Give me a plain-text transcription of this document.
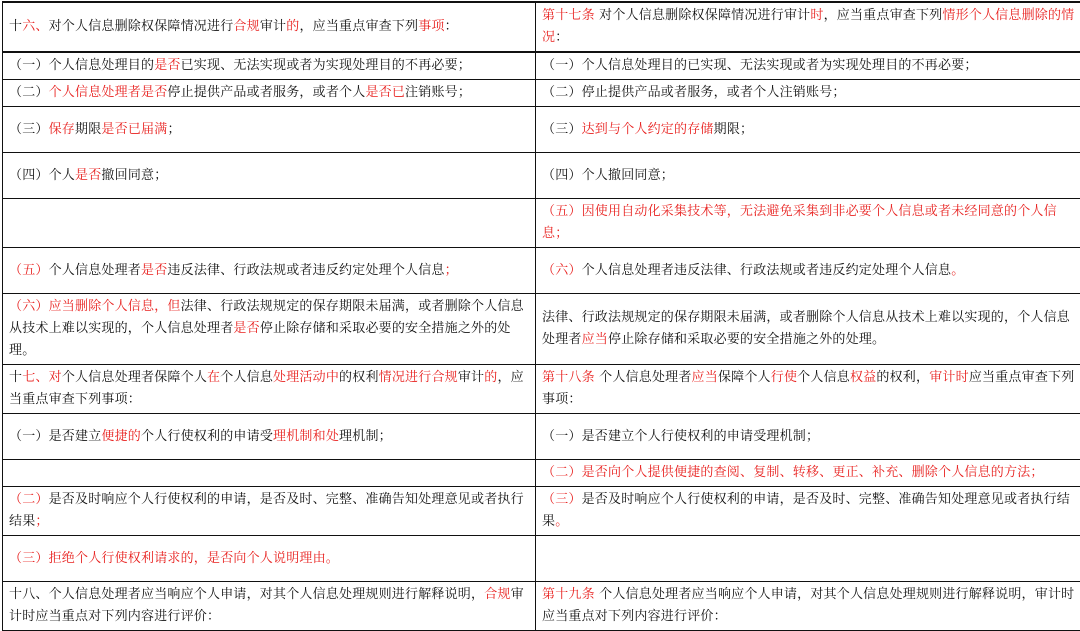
十六、对个人信息删除权保障情况进行合规审计的，应当重点审查下列事项：	第十七条 对个人信息删除权保障情况进行审计时，应当重点审查下列情形个人信息删除的情况：
（一）个人信息处理目的是否已实现、无法实现或者为实现处理目的不再必要；	（一）个人信息处理目的已实现、无法实现或者为实现处理目的不再必要；
（二）个人信息处理者是否停止提供产品或者服务，或者个人是否已注销账号；	（二）停止提供产品或者服务，或者个人注销账号；
（三）保存期限是否已届满；	（三）达到与个人约定的存储期限；
（四）个人是否撤回同意；	（四）个人撤回同意；
	（五）因使用自动化采集技术等，无法避免采集到非必要个人信息或者未经同意的个人信息；
（五）个人信息处理者是否违反法律、行政法规或者违反约定处理个人信息；	（六）个人信息处理者违反法律、行政法规或者违反约定处理个人信息。
（六）应当删除个人信息，但法律、行政法规规定的保存期限未届满，或者删除个人信息从技术上难以实现的，个人信息处理者是否停止除存储和采取必要的安全措施之外的处理。	法律、行政法规规定的保存期限未届满，或者删除个人信息从技术上难以实现的，个人信息处理者应当停止除存储和采取必要的安全措施之外的处理。
十七、对个人信息处理者保障个人在个人信息处理活动中的权利情况进行合规审计的，应当重点审查下列事项：	第十八条 个人信息处理者应当保障个人行使个人信息权益的权利，审计时应当重点审查下列事项：
（一）是否建立便捷的个人行使权利的申请受理机制和处理机制；	（一）是否建立个人行使权利的申请受理机制；
	（二）是否向个人提供便捷的查阅、复制、转移、更正、补充、删除个人信息的方法；
（二）是否及时响应个人行使权利的申请，是否及时、完整、准确告知处理意见或者执行结果；	（三）是否及时响应个人行使权利的申请，是否及时、完整、准确告知处理意见或者执行结果。
（三）拒绝个人行使权利请求的，是否向个人说明理由。	
十八、个人信息处理者应当响应个人申请，对其个人信息处理规则进行解释说明，合规审计时应当重点对下列内容进行评价：	第十九条 个人信息处理者应当响应个人申请，对其个人信息处理规则进行解释说明，审计时应当重点对下列内容进行评价：
